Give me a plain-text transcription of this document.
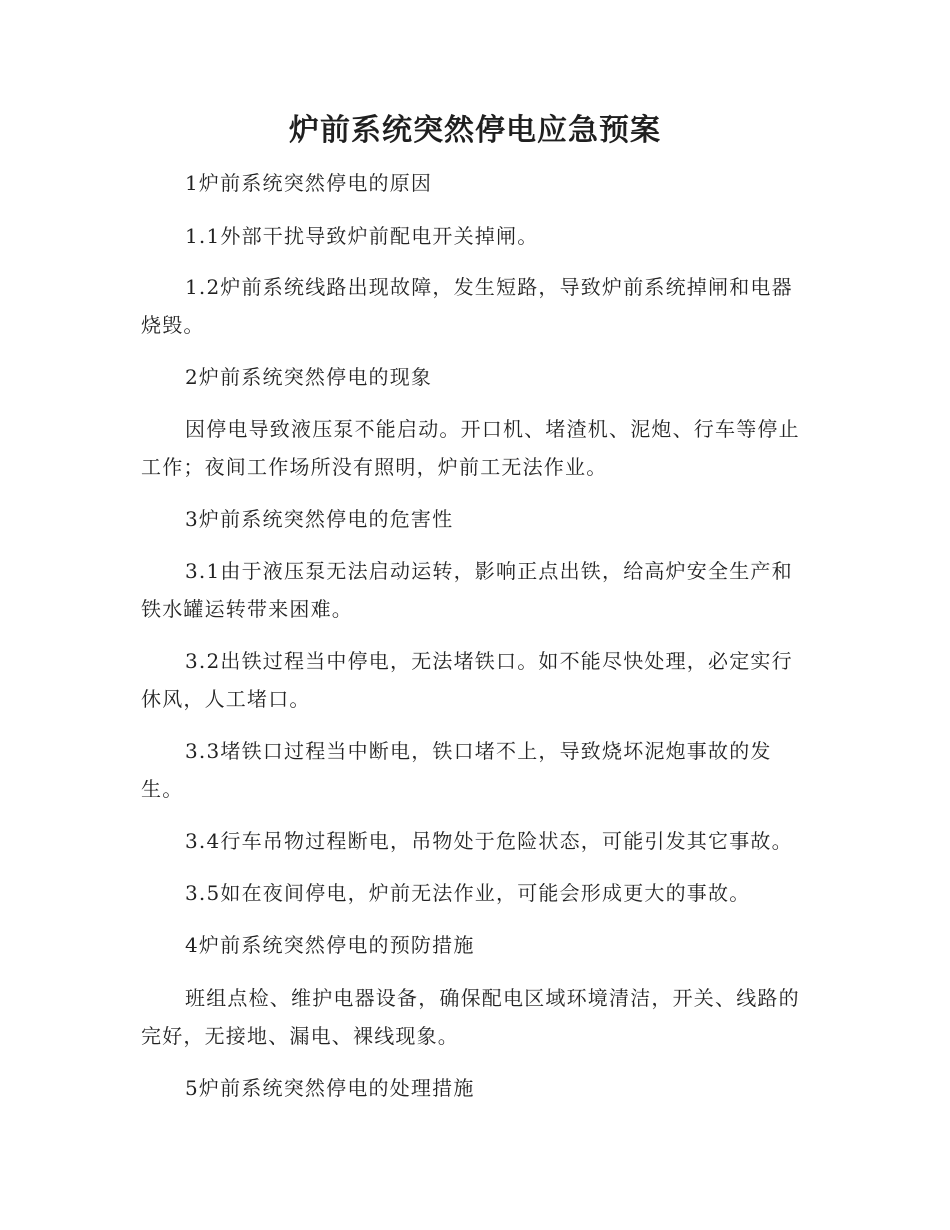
炉前系统突然停电应急预案

1炉前系统突然停电的原因

1.1外部干扰导致炉前配电开关掉闸。

1.2炉前系统线路出现故障，发生短路，导致炉前系统掉闸和电器烧毁。

2炉前系统突然停电的现象

因停电导致液压泵不能启动。开口机、堵渣机、泥炮、行车等停止工作；夜间工作场所没有照明，炉前工无法作业。

3炉前系统突然停电的危害性

3.1由于液压泵无法启动运转，影响正点出铁，给高炉安全生产和铁水罐运转带来困难。

3.2出铁过程当中停电，无法堵铁口。如不能尽快处理，必定实行休风，人工堵口。

3.3堵铁口过程当中断电，铁口堵不上，导致烧坏泥炮事故的发生。

3.4行车吊物过程断电，吊物处于危险状态，可能引发其它事故。

3.5如在夜间停电，炉前无法作业，可能会形成更大的事故。

4炉前系统突然停电的预防措施

班组点检、维护电器设备，确保配电区域环境清洁，开关、线路的完好，无接地、漏电、裸线现象。

5炉前系统突然停电的处理措施
